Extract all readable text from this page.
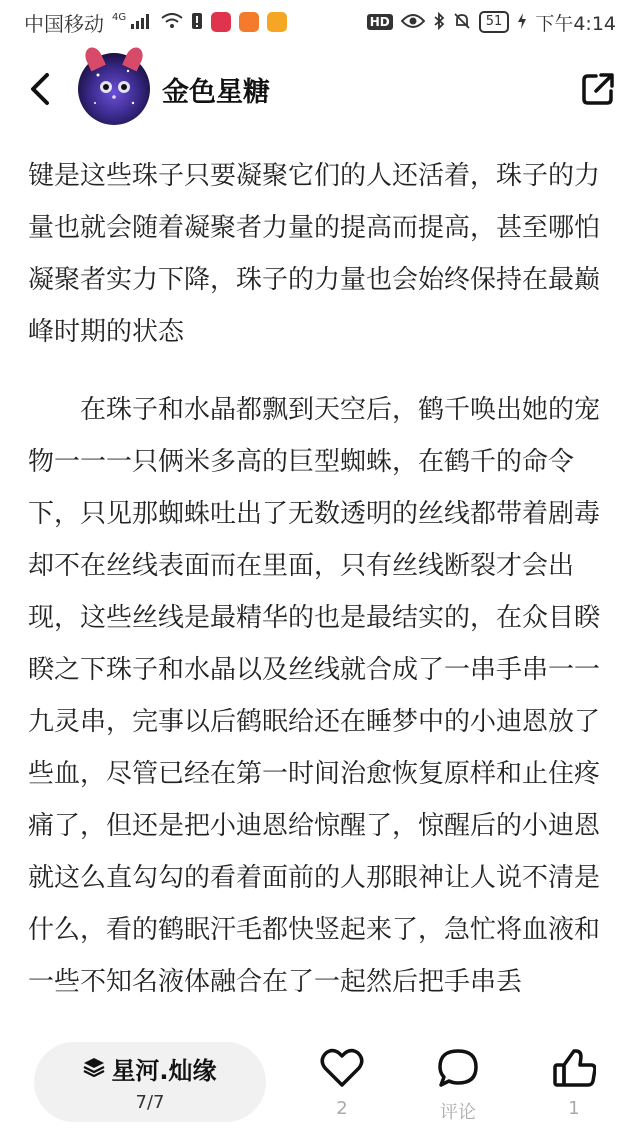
中国移动 $^{4G}$	HD	51	下午4:14
金色星糖

键是这些珠子只要凝聚它们的人还活着，珠子的力量也就会随着凝聚者力量的提高而提高，甚至哪怕凝聚者实力下降，珠子的力量也会始终保持在最巅峰时期的状态

在珠子和水晶都飘到天空后，鹤千唤出她的宠物一一一只俩米多高的巨型蜘蛛，在鹤千的命令下，只见那蜘蛛吐出了无数透明的丝线都带着剧毒却不在丝线表面而在里面，只有丝线断裂才会出现，这些丝线是最精华的也是最结实的，在众目睽睽之下珠子和水晶以及丝线就合成了一串手串一一九灵串，完事以后鹤眠给还在睡梦中的小迪恩放了些血，尽管已经在第一时间治愈恢复原样和止住疼痛了，但还是把小迪恩给惊醒了，惊醒后的小迪恩就这么直勾勾的看着面前的人那眼神让人说不清是什么，看的鹤眠汗毛都快竖起来了，急忙将血液和一些不知名液体融合在了一起然后把手串丢

星河.灿缘
7/7	2	评论	1
